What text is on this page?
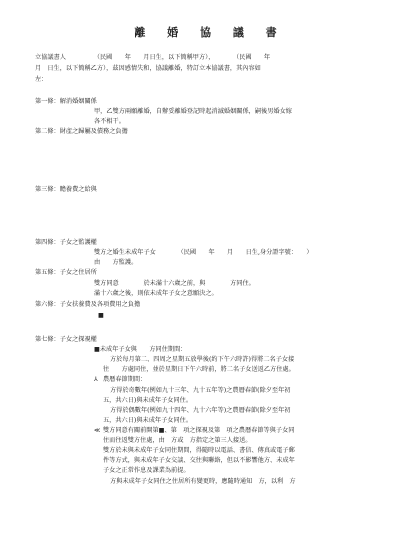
離 婚 協 議 書
立協議書人　　　　　（民國　　年　　月日生，以下簡稱甲方），　　　　（民國　　年
月　日生，以下簡稱乙方），茲因感情失和，協議離婚，特訂立本協議書，其內容如
左：
第一條：解消婚姻關係
甲，乙雙方兩願離婚，自辦妥離婚登記時起消滅婚姻關係，嗣後男婚女嫁
各不相干。
第二條：財產之歸屬及債務之負擔
第三條：贍養費之給與
第四條：子女之監護權
雙方之婚生未成年子女　　　　（民國　　年　　月　　日生,身分證字號：　　）
由　　方監護。
第五條：子女之住居所
雙方同意　　　　於未滿十六歲之前，與　　　　方同住。
滿十六歲之後，則依未成年子女之意願決之。
第六條：子女扶養費及各項費用之負擔
■
第七條：子女之探視權
■未成年子女與　　方同住期間：
方於每月第二、四周之星期五放學後(約下午六時許)得將二名子女接
往　　方處同住，並於星期日下午六時前，將二名子女送返乙方住處。
⅄ 農曆春節期間：
方得於奇數年(例如九十三年、九十五年等)之農曆春節(除夕至年初
五，共六日)與未成年子女同住。
方得於偶數年(例如九十四年、九十六年等)之農曆春節(除夕至年初
五，共六日)與未成年子女同住。
≪ 雙方同意有關前開第■、第　項之探視及第　項之農曆春節等與子女同
住而往返雙方住處，由　方或　方指定之第三人接送。
雙方於未與未成年子女同住期間，得隨時以電話、書信、傳真或電子郵
件等方式，與未成年子女交談、交往與聯絡，但以不影響他方、未成年
子女之正常作息及課業為前提。
方與未成年子女同住之住居所有變更時，應隨時通知　方，以利　方
